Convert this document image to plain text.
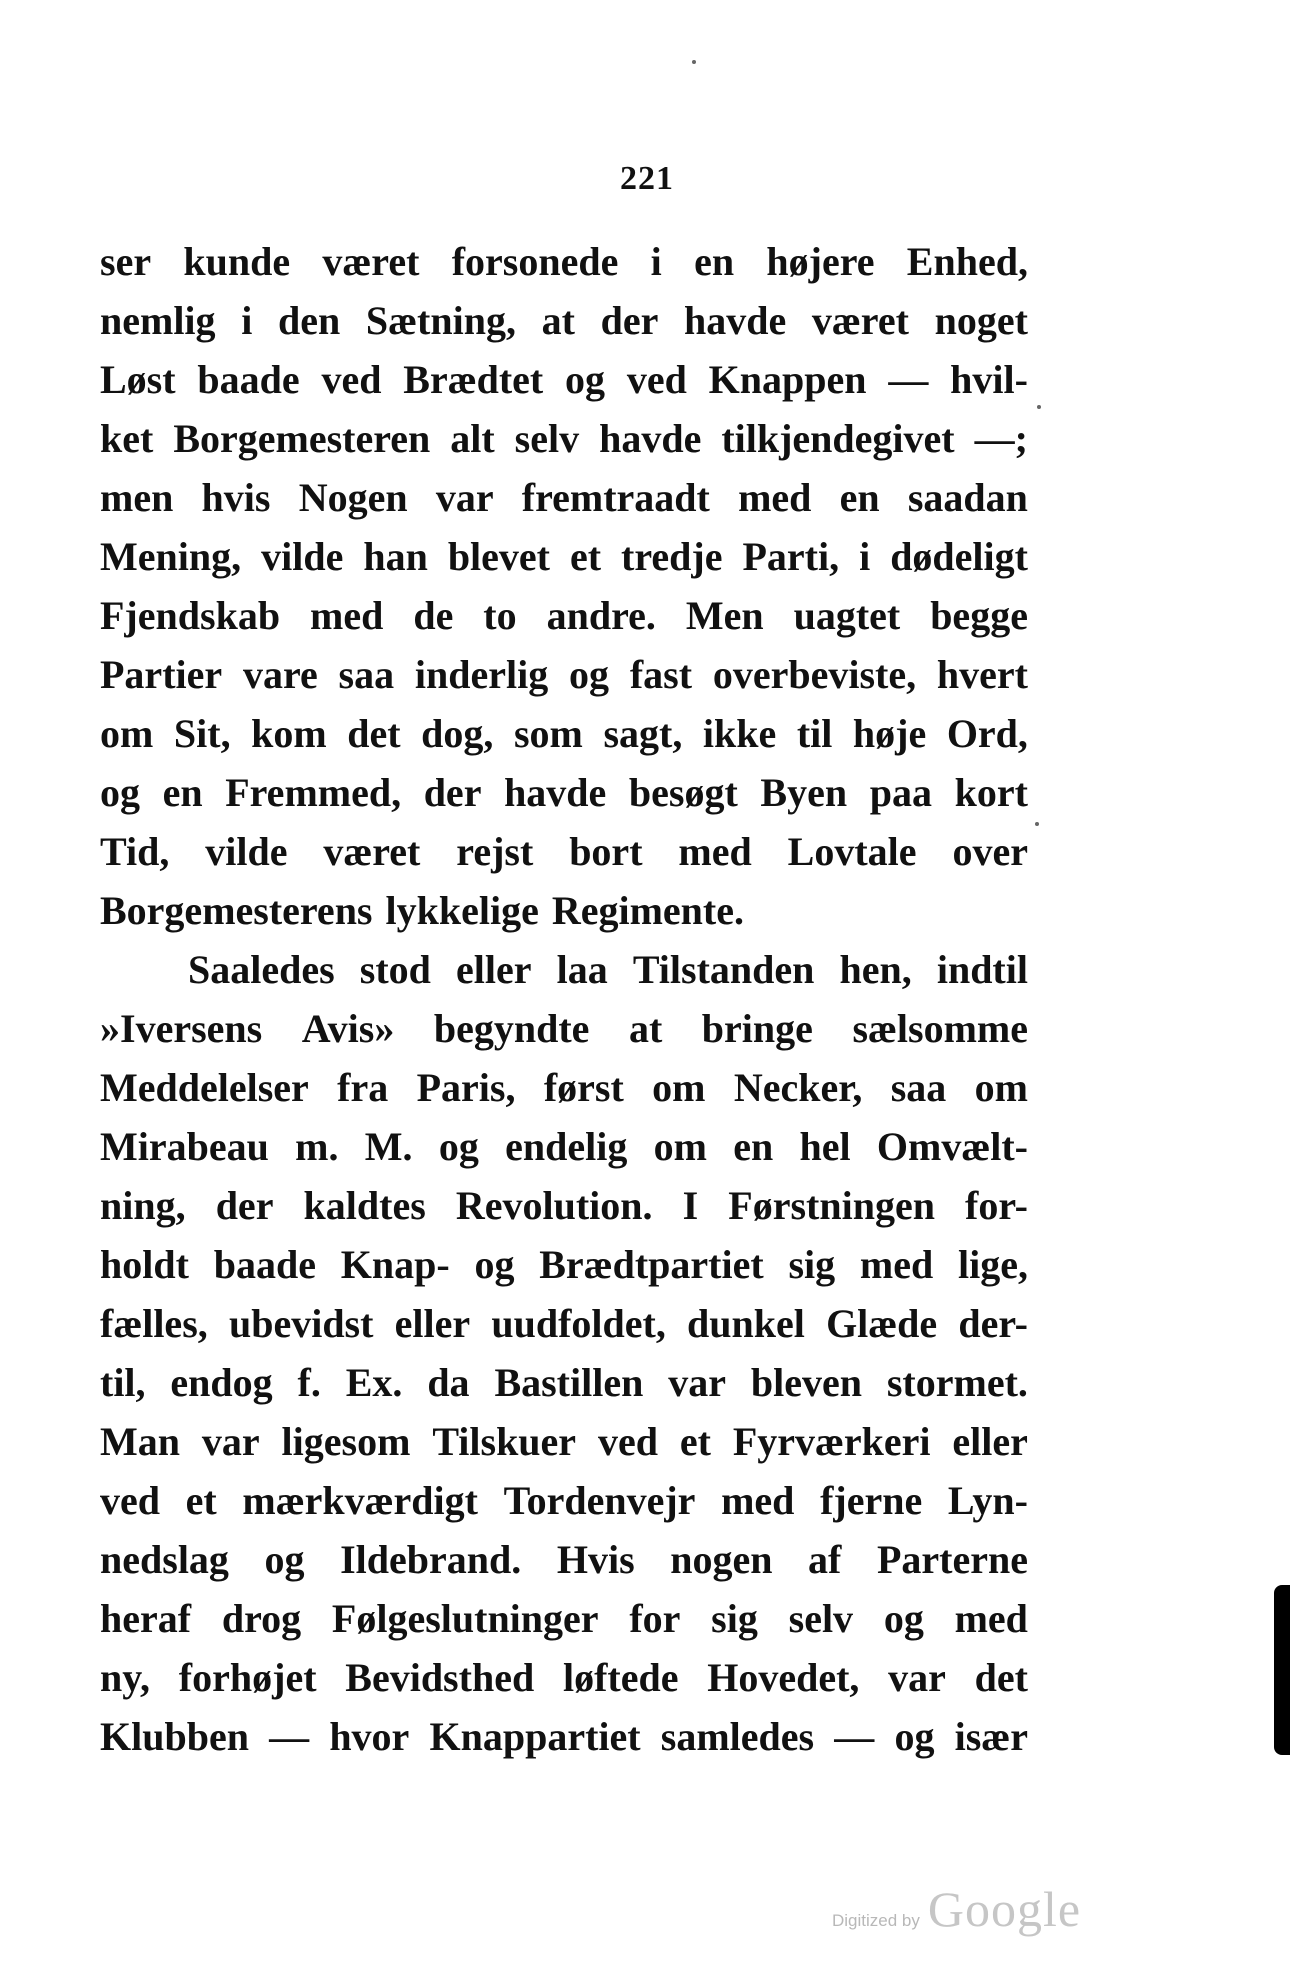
221
ser kunde været forsonede i en højere Enhed,
nemlig i den Sætning, at der havde været noget
Løst baade ved Brædtet og ved Knappen — hvil-
ket Borgemesteren alt selv havde tilkjendegivet —;
men hvis Nogen var fremtraadt med en saadan
Mening, vilde han blevet et tredje Parti, i dødeligt
Fjendskab med de to andre. Men uagtet begge
Partier vare saa inderlig og fast overbeviste, hvert
om Sit, kom det dog, som sagt, ikke til høje Ord,
og en Fremmed, der havde besøgt Byen paa kort
Tid, vilde været rejst bort med Lovtale over
Borgemesterens lykkelige Regimente.
Saaledes stod eller laa Tilstanden hen, indtil
»Iversens Avis» begyndte at bringe sælsomme
Meddelelser fra Paris, først om Necker, saa om
Mirabeau m. M. og endelig om en hel Omvælt-
ning, der kaldtes Revolution. I Førstningen for-
holdt baade Knap- og Brædtpartiet sig med lige,
fælles, ubevidst eller uudfoldet, dunkel Glæde der-
til, endog f. Ex. da Bastillen var bleven stormet.
Man var ligesom Tilskuer ved et Fyrværkeri eller
ved et mærkværdigt Tordenvejr med fjerne Lyn-
nedslag og Ildebrand. Hvis nogen af Parterne
heraf drog Følgeslutninger for sig selv og med
ny, forhøjet Bevidsthed løftede Hovedet, var det
Klubben — hvor Knappartiet samledes — og især
Digitized by Google
